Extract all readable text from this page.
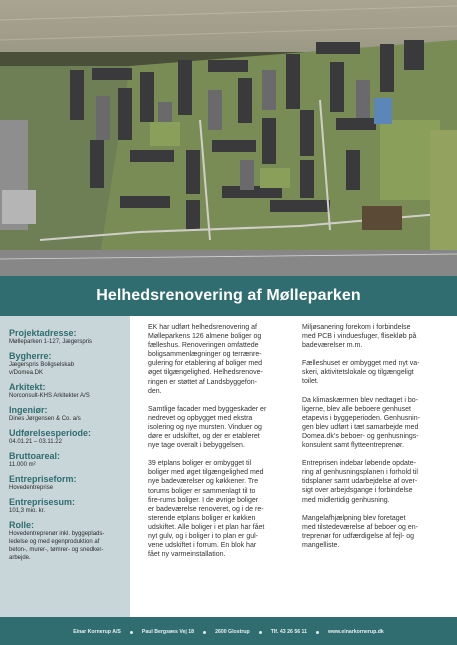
Helhedsrenovering af Mølleparken
Projektadresse:
Mølleparken 1-127, Jægerspris
Bygherre:
Jægerspris Boligselskab
v/Domea.DK
Arkitekt:
Norconsult-KHS Arkitekter A/S
Ingeniør:
Dines Jørgensen & Co. a/s
Udførelsesperiode:
04.01.21 – 03.11.22
Bruttoareal:
11.000 m²
Entrepriseform:
Hovedentreprise
Entreprisesum:
101,3 mio. kr.
Rolle:
Hovedentreprenør inkl. byggeplads-
ledelse og med egenproduktion af
beton-, murer-, tømrer- og snedker-
arbejde.

EK har udført helhedsrenovering af
Mølleparkens 126 almene boliger og
fælleshus. Renoveringen omfattede
boligsammenlægninger og terrænre-
gulering for etablering af boliger med
øget tilgængelighed. Helhedsrenove-
ringen er støttet af Landsbyggefon-
den.

Samtlige facader med byggeskader er
nedrevet og opbygget med ekstra
isolering og nye mursten. Vinduer og
døre er udskiftet, og der er etableret
nye tage overalt i bebyggelsen.

39 etplans boliger er ombygget til
boliger med øget tilgængelighed med
nye badeværelser og køkkener. Tre
torums boliger er sammenlagt til to
fire-rums boliger. I de øvrige boliger
er badeværelse renoveret, og i de re-
sterende etplans boliger er køkken
udskiftet. Alle boliger i et plan har fået
nyt gulv, og i boliger i to plan er gul-
vene udskiftet i forrum. En blok har
fået ny varmeinstallation.

Miljøsanering forekom i forbindelse
med PCB i vinduesfuger, flisekløb på
badeværelser m.m.

Fælleshuset er ombygget med nyt va-
skeri, aktivitetslokale og tilgængeligt
toilet.

Da klimaskærmen blev nedtaget i bo-
ligerne, blev alle beboere genhuset
etapevis i byggeperioden. Genhusnin-
gen blev udført i tæt samarbejde med
Domea.dk’s beboer- og genhusnings-
konsulent samt flytteentreprenør.

Entreprisen indebar løbende opdate-
ring af genhusningsplanen i forhold til
tidsplaner samt udarbejdelse af over-
sigt over arbejdsgange i forbindelse
med midlertidig genhusning.

Mangelafhjælpning blev foretaget
med tilstedeværelse af beboer og en-
treprenør for udfærdigelse af fejl- og
mangelliste.

Einar Kornerup A/S	Paul Bergsøes Vej 18	2600 Glostrup	Tlf. 43 26 56 11	www.einarkornerup.dk
